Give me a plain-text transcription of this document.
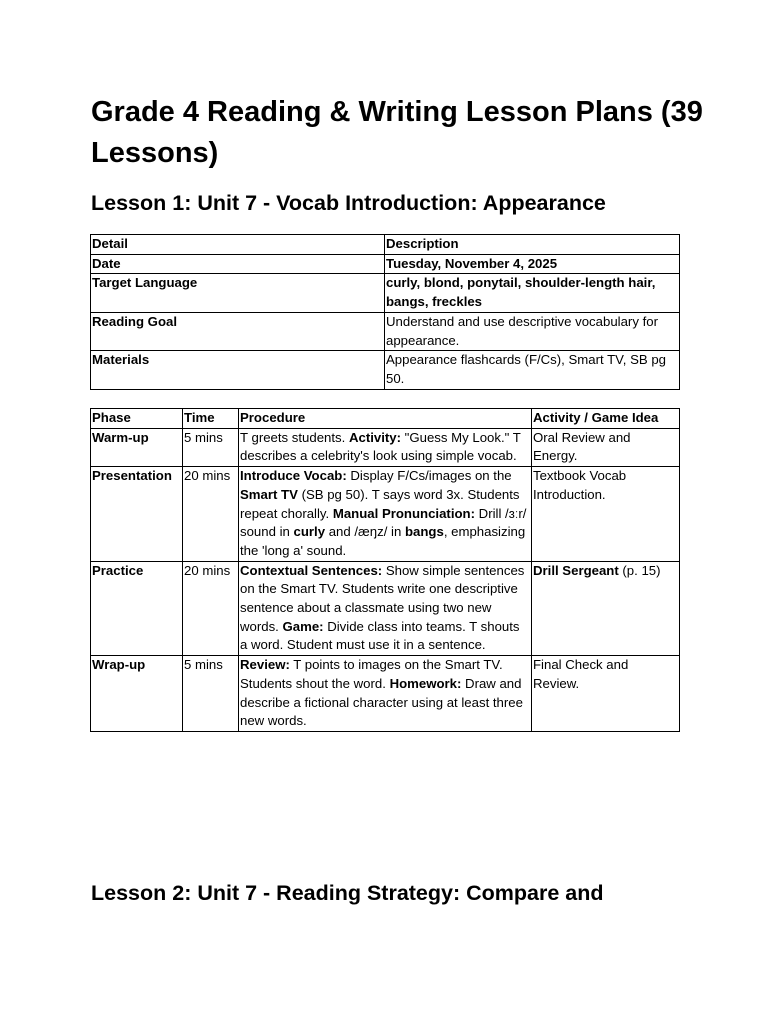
Grade 4 Reading & Writing Lesson Plans (39 Lessons)
Lesson 1: Unit 7 - Vocab Introduction: Appearance
Detail	Description
Date	Tuesday, November 4, 2025
Target Language	curly, blond, ponytail, shoulder-length hair, bangs, freckles
Reading Goal	Understand and use descriptive vocabulary for appearance.
Materials	Appearance flashcards (F/Cs), Smart TV, SB pg 50.
Phase	Time	Procedure	Activity / Game Idea
Warm-up	5 mins	T greets students. Activity: "Guess My Look." T describes a celebrity's look using simple vocab.	Oral Review and Energy.
Presentation	20 mins	Introduce Vocab: Display F/Cs/images on the Smart TV (SB pg 50). T says word 3x. Students repeat chorally. Manual Pronunciation: Drill /ɜːr/ sound in curly and /æŋz/ in bangs, emphasizing the 'long a' sound.	Textbook Vocab Introduction.
Practice	20 mins	Contextual Sentences: Show simple sentences on the Smart TV. Students write one descriptive sentence about a classmate using two new words. Game: Divide class into teams. T shouts a word. Student must use it in a sentence.	Drill Sergeant (p. 15)
Wrap-up	5 mins	Review: T points to images on the Smart TV. Students shout the word. Homework: Draw and describe a fictional character using at least three new words.	Final Check and Review.
Lesson 2: Unit 7 - Reading Strategy: Compare and
